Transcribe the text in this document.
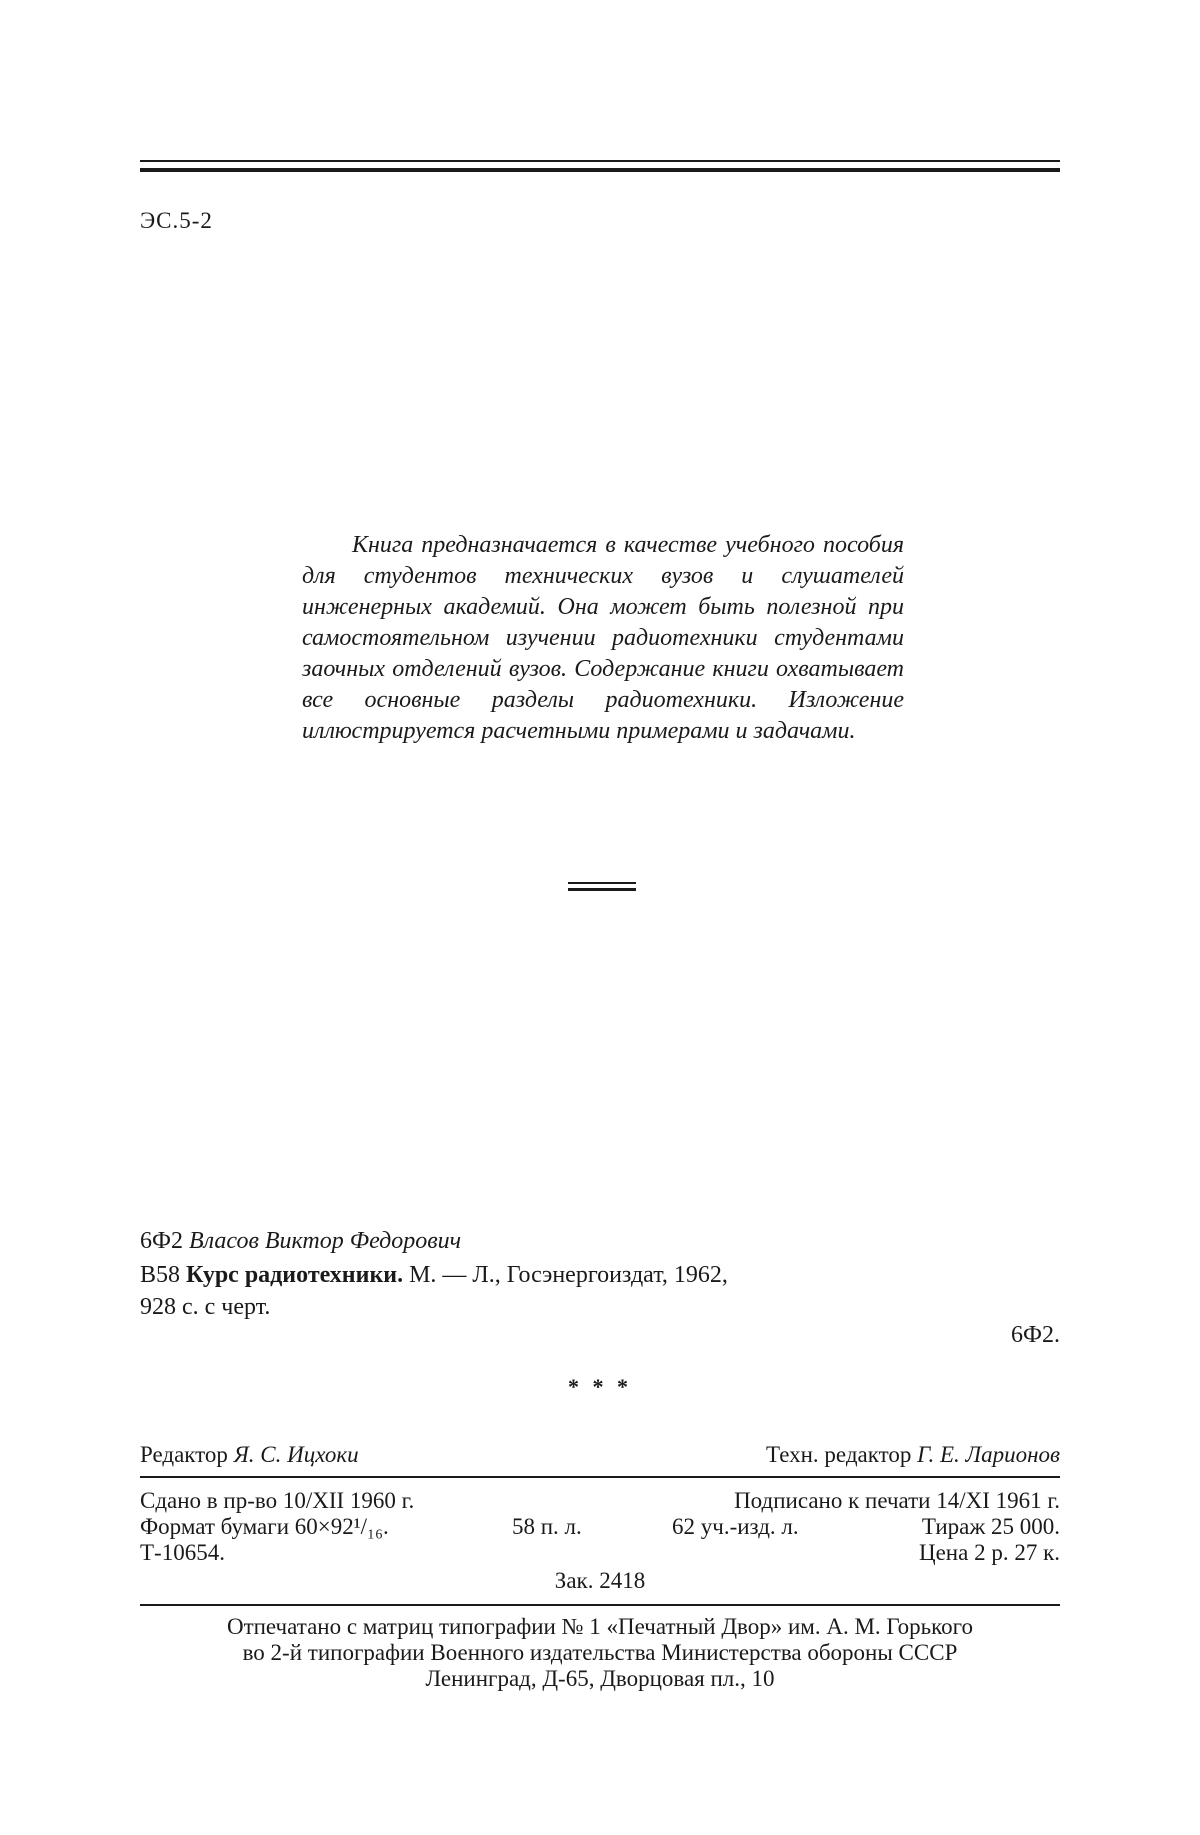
ЭС.5-2
Книга предназначается в качестве учебного пособия для студентов технических вузов и слушателей инженерных академий. Она может быть полезной при самостоятельном изучении радиотехники студентами заочных отделений вузов. Содержание книги охватывает все основные разделы радиотехники. Изложение иллюстрируется расчетными примерами и задачами.
6Ф2 Власов Виктор Федорович
В58 Курс радиотехники. М. — Л., Госэнергоиздат, 1962,
928 с. с черт.
6Ф2.
* * *
Редактор Я. С. Ицхоки	Техн. редактор Г. Е. Ларионов
Сдано в пр-во 10/XII 1960 г.	Подписано к печати 14/XI 1961 г.
Формат бумаги 60×92¹/₁₆.	58 п. л.	62 уч.-изд. л.	Тираж 25 000.
Т-10654.	Цена 2 р. 27 к.
Зак. 2418
Отпечатано с матриц типографии № 1 «Печатный Двор» им. А. М. Горького
во 2-й типографии Военного издательства Министерства обороны СССР
Ленинград, Д-65, Дворцовая пл., 10
